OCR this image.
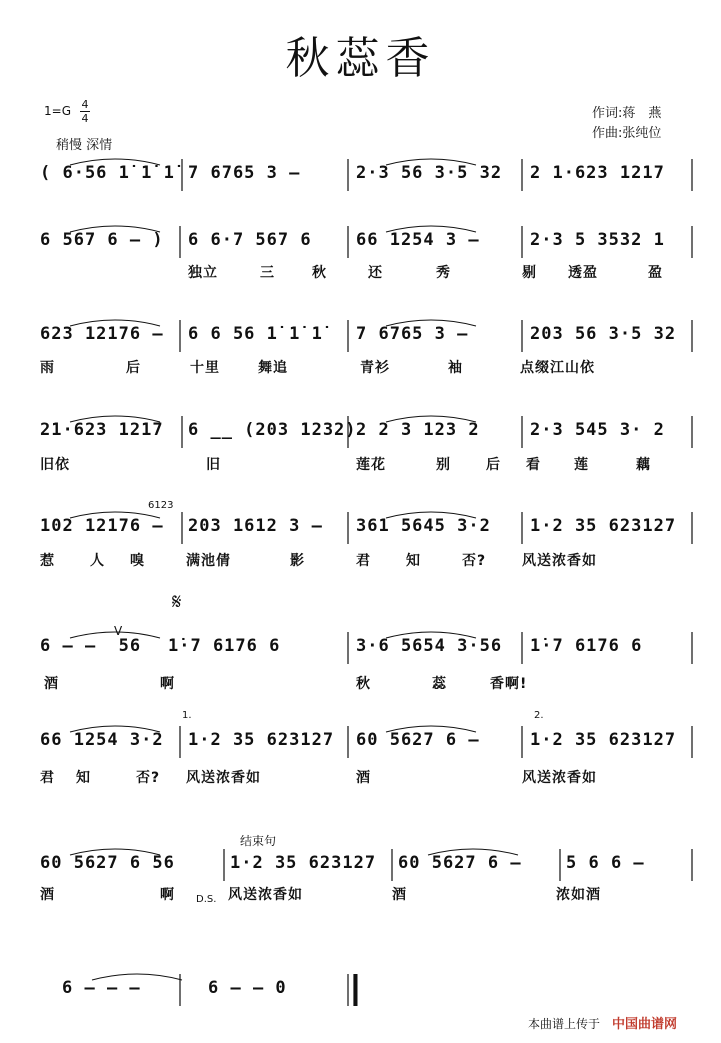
秋蕊香
1=G 4
4
稍慢 深情
作词:蒋　燕
作曲:张纯位
𝄋
( 6·56 1̇ 1̇ 1̇ 7 6765 3 –	2·3 56 3·5 32 2 1·623 1217
6 567 6 – ) 6 6·7 567 6	66 1254 3 –	2·3 5 3532 1
独立	三	秋	还	秀	剔 透盈	盈
623 12176 – 6 6 56 1̇ 1̇ 1̇ 7 6765 3 –	203 56 3·5 32
雨	后	十里	舞追	青衫	袖	点缀江山依
21·623 1217 6 __ (203 1232) 2 2 3 123 2	2·3 545 3· 2
旧依	旧	莲花	别	后 看 莲	藕
102 12176 — 203 1612 3 – 361 5645 3·2 1·2 35 623127
惹	人 嗅	满池倩	影	君	知	否?	风送浓香如
6 – –  56 1̇·7 6176 6	3·6 5654 3·56 1̇·7 6176 6
酒	啊	秋	蕊	香啊!
66 1254 3·2 1·2 35 623127 60 5627 6 –	1·2 35 623127
君 知	否? 风送浓香如	酒	风送浓香如
60 5627 6 56	1·2 35 623127 60 5627 6 –	5 6 6 –
酒	啊	风送浓香如	酒	浓如酒
6 – – –	6 – – 0
1.	2.
结束句
D.S.
6123
V
本曲谱上传于 中国曲谱网
